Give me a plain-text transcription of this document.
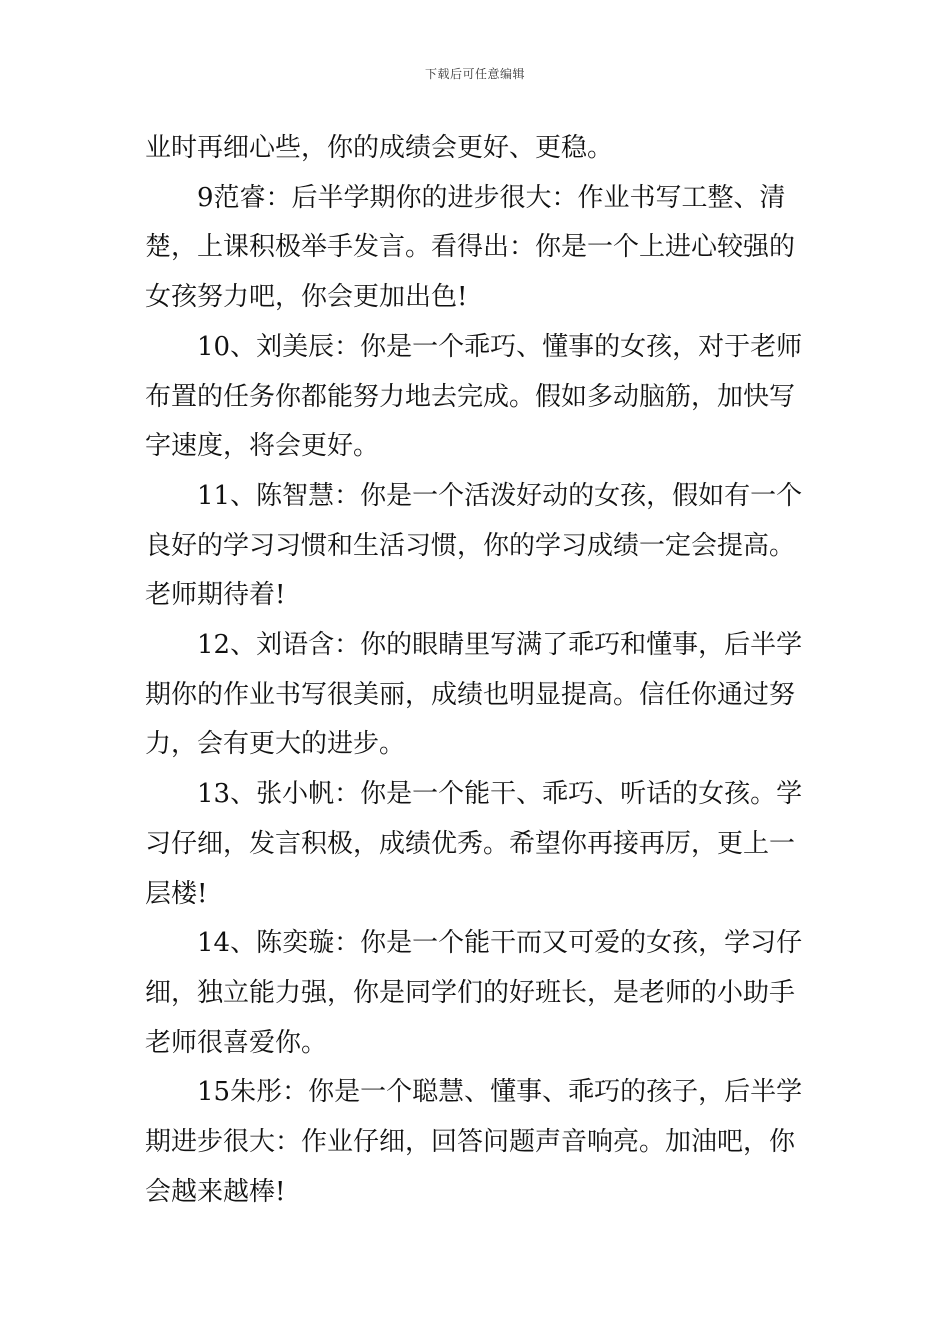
下载后可任意编辑

业时再细心些，你的成绩会更好、更稳。

9范睿：后半学期你的进步很大：作业书写工整、清楚，上课积极举手发言。看得出：你是一个上进心较强的女孩努力吧，你会更加出色!

10、刘美辰：你是一个乖巧、懂事的女孩，对于老师布置的任务你都能努力地去完成。假如多动脑筋，加快写字速度，将会更好。

11、陈智慧：你是一个活泼好动的女孩，假如有一个良好的学习习惯和生活习惯，你的学习成绩一定会提高。老师期待着!

12、刘语含：你的眼睛里写满了乖巧和懂事，后半学期你的作业书写很美丽，成绩也明显提高。信任你通过努力，会有更大的进步。

13、张小帆：你是一个能干、乖巧、听话的女孩。学习仔细，发言积极，成绩优秀。希望你再接再厉，更上一层楼!

14、陈奕璇：你是一个能干而又可爱的女孩，学习仔细，独立能力强，你是同学们的好班长，是老师的小助手老师很喜爱你。

15朱彤：你是一个聪慧、懂事、乖巧的孩子，后半学期进步很大：作业仔细，回答问题声音响亮。加油吧，你会越来越棒!
